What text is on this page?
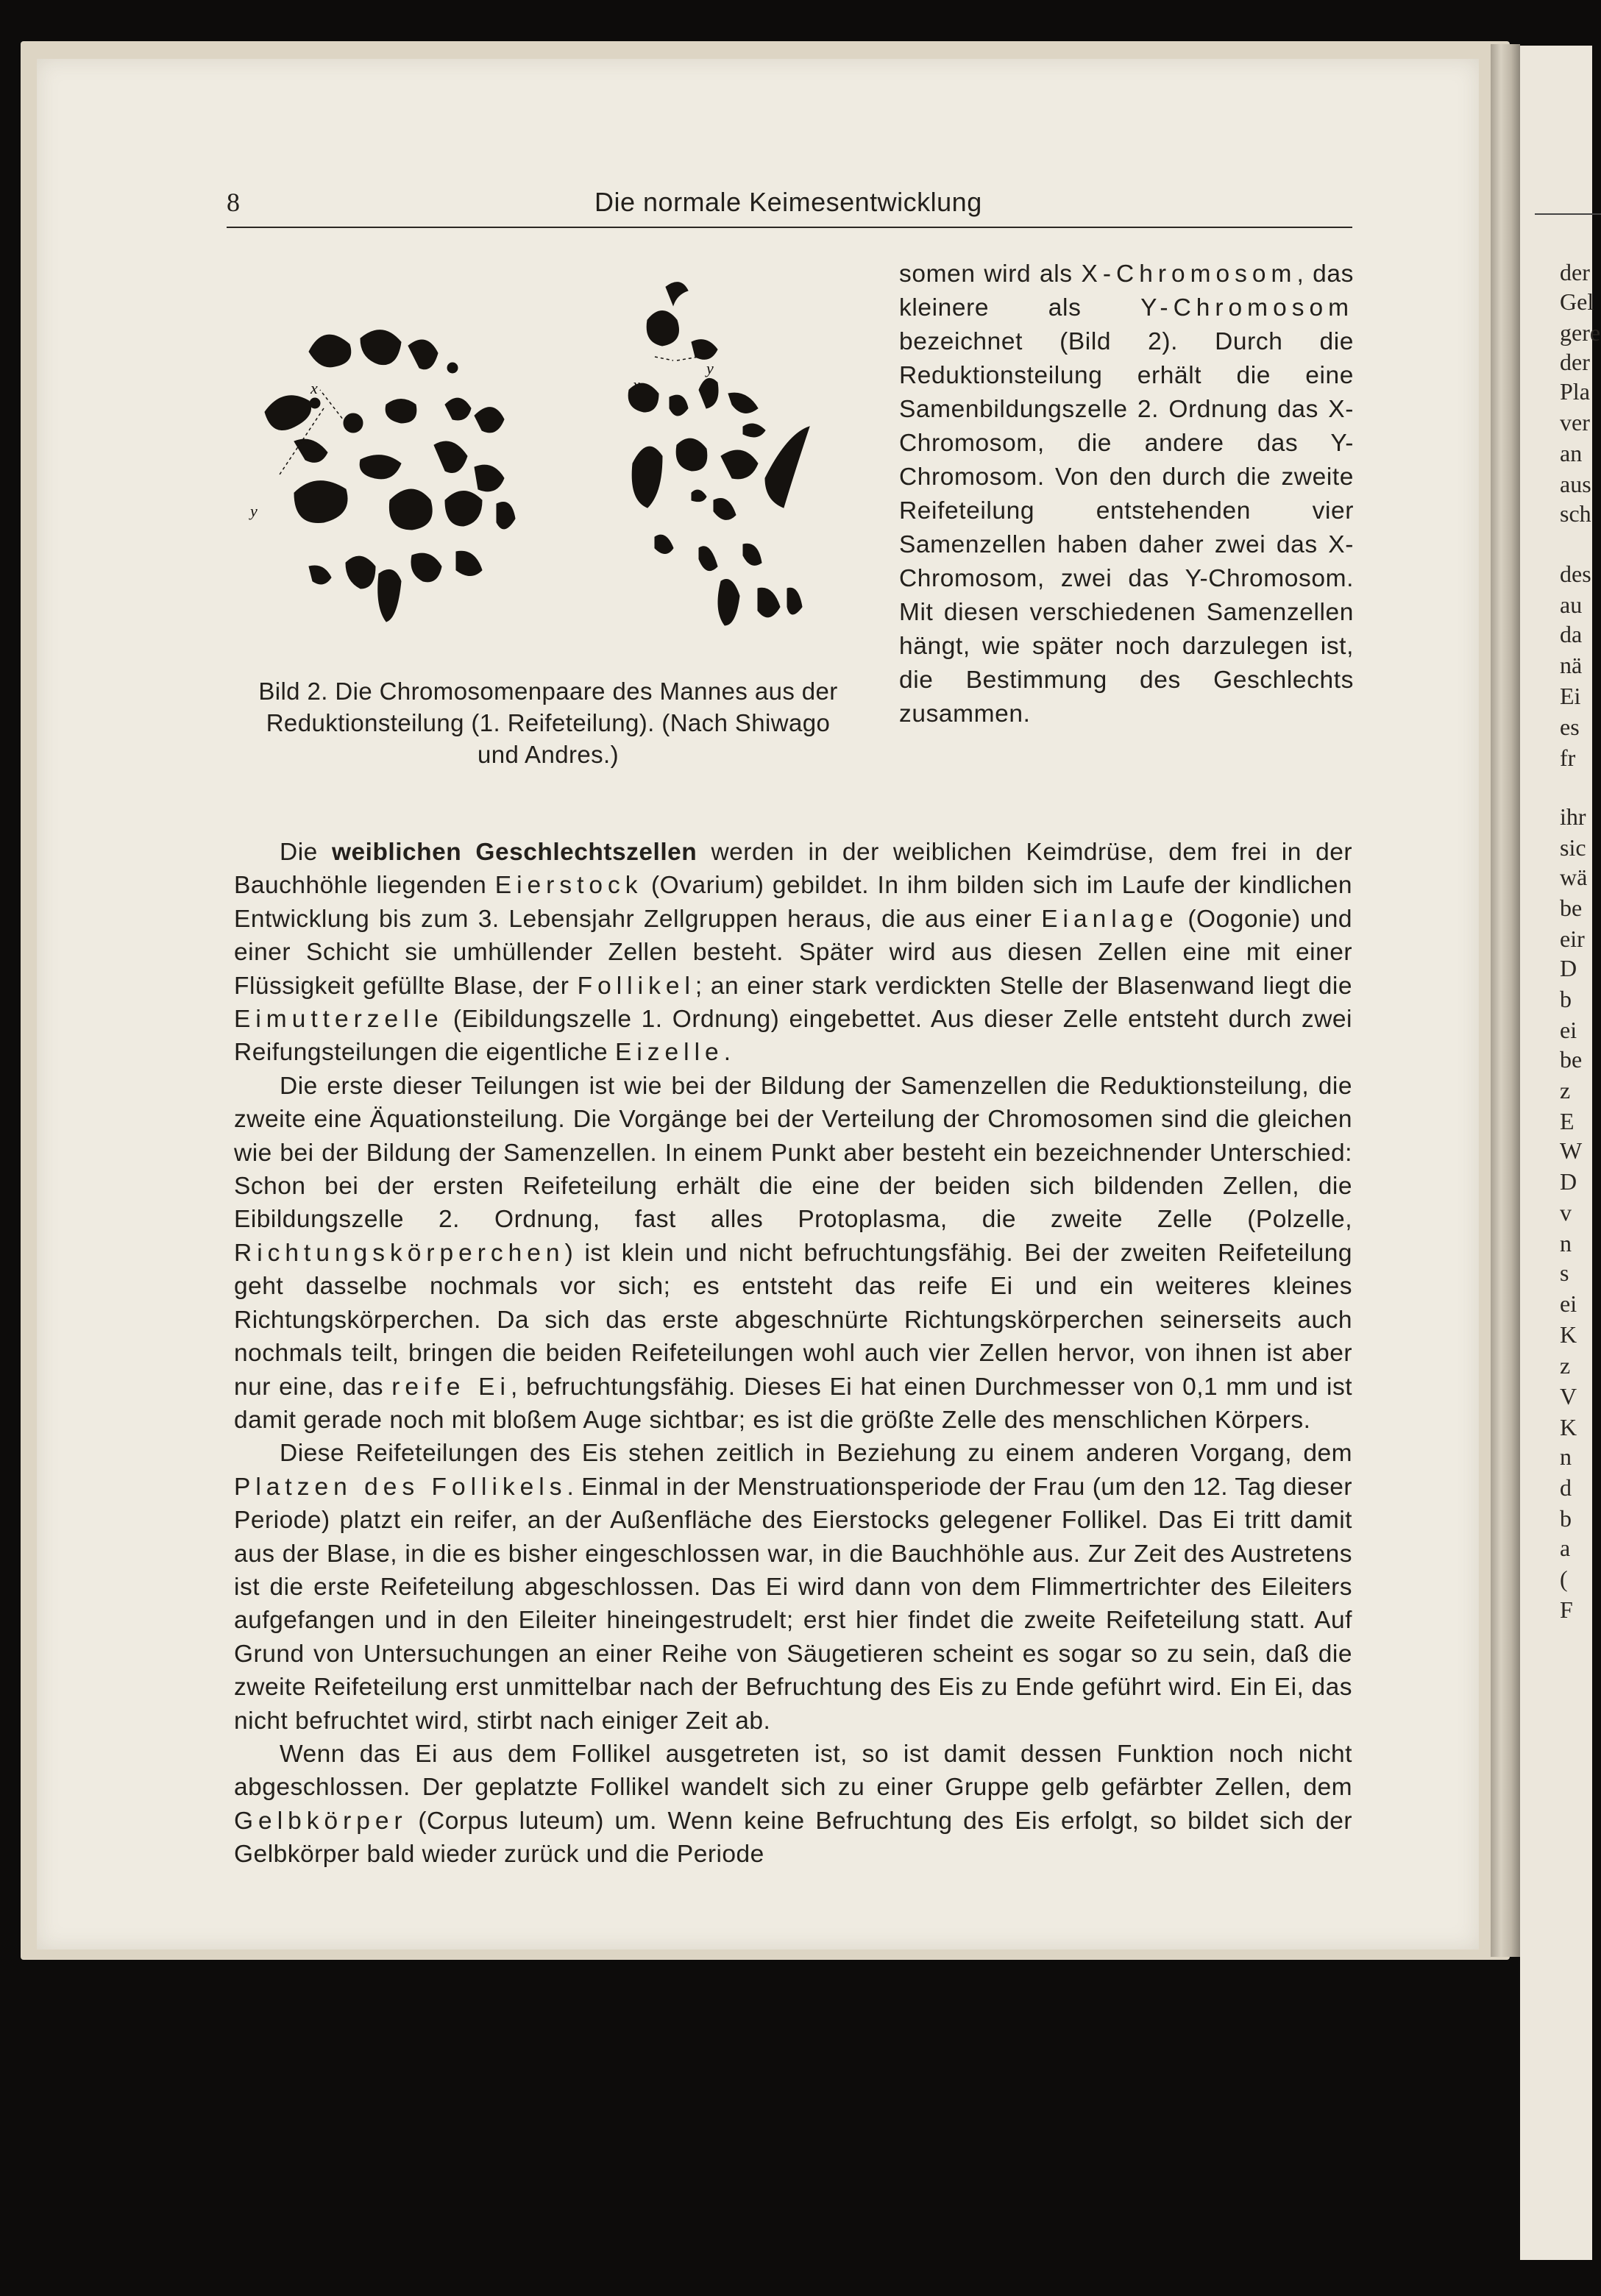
der
Gel
gere
der
Pla
ver
an
aus
sch
des
au
da
nä
Ei
es
fr
ihr
sic
wä
be
eir
D
b
ei
be
z
E
W
D
v
n
s
ei
K
z
V
K
n
d
b
a
(
F
8	Die normale Keimesentwicklung
x
y
x
y
Bild 2. Die Chromosomenpaare des Mannes aus der
Reduktionsteilung (1. Reifeteilung). (Nach Shiwago
und Andres.)
somen wird als X-Chromosom, das kleinere als Y-Chromosom bezeichnet (Bild 2). Durch die Reduktionsteilung erhält die eine Samenbildungszelle 2. Ordnung das X-Chromosom, die andere das Y-Chromosom. Von den durch die zweite Reifeteilung entstehenden vier Samenzellen haben daher zwei das X-Chromosom, zwei das Y-Chromosom. Mit diesen verschiedenen Samenzellen hängt, wie später noch darzulegen ist, die Bestimmung des Geschlechts zusammen.

Die weiblichen Geschlechtszellen werden in der weiblichen Keimdrüse, dem frei in der Bauchhöhle liegenden Eierstock (Ovarium) gebildet. In ihm bilden sich im Laufe der kindlichen Entwicklung bis zum 3. Lebensjahr Zellgruppen heraus, die aus einer Eianlage (Oogonie) und einer Schicht sie umhüllender Zellen besteht. Später wird aus diesen Zellen eine mit einer Flüssigkeit gefüllte Blase, der Follikel; an einer stark verdickten Stelle der Blasenwand liegt die Eimutterzelle (Eibildungszelle 1. Ordnung) eingebettet. Aus dieser Zelle entsteht durch zwei Reifungsteilungen die eigentliche Eizelle.

Die erste dieser Teilungen ist wie bei der Bildung der Samenzellen die Reduktionsteilung, die zweite eine Äquationsteilung. Die Vorgänge bei der Verteilung der Chromosomen sind die gleichen wie bei der Bildung der Samenzellen. In einem Punkt aber besteht ein bezeichnender Unterschied: Schon bei der ersten Reifeteilung erhält die eine der beiden sich bildenden Zellen, die Eibildungszelle 2. Ordnung, fast alles Protoplasma, die zweite Zelle (Polzelle, Richtungskörperchen) ist klein und nicht befruchtungsfähig. Bei der zweiten Reifeteilung geht dasselbe nochmals vor sich; es entsteht das reife Ei und ein weiteres kleines Richtungskörperchen. Da sich das erste abgeschnürte Richtungskörperchen seinerseits auch nochmals teilt, bringen die beiden Reifeteilungen wohl auch vier Zellen hervor, von ihnen ist aber nur eine, das reife Ei, befruchtungsfähig. Dieses Ei hat einen Durchmesser von 0,1 mm und ist damit gerade noch mit bloßem Auge sichtbar; es ist die größte Zelle des menschlichen Körpers.

Diese Reifeteilungen des Eis stehen zeitlich in Beziehung zu einem anderen Vorgang, dem Platzen des Follikels. Einmal in der Menstruationsperiode der Frau (um den 12. Tag dieser Periode) platzt ein reifer, an der Außenfläche des Eierstocks gelegener Follikel. Das Ei tritt damit aus der Blase, in die es bisher eingeschlossen war, in die Bauchhöhle aus. Zur Zeit des Austretens ist die erste Reifeteilung abgeschlossen. Das Ei wird dann von dem Flimmertrichter des Eileiters aufgefangen und in den Eileiter hineingestrudelt; erst hier findet die zweite Reifeteilung statt. Auf Grund von Untersuchungen an einer Reihe von Säugetieren scheint es sogar so zu sein, daß die zweite Reifeteilung erst unmittelbar nach der Befruchtung des Eis zu Ende geführt wird. Ein Ei, das nicht befruchtet wird, stirbt nach einiger Zeit ab.

Wenn das Ei aus dem Follikel ausgetreten ist, so ist damit dessen Funktion noch nicht abgeschlossen. Der geplatzte Follikel wandelt sich zu einer Gruppe gelb gefärbter Zellen, dem Gelbkörper (Corpus luteum) um. Wenn keine Befruchtung des Eis erfolgt, so bildet sich der Gelbkörper bald wieder zurück und die Periode
